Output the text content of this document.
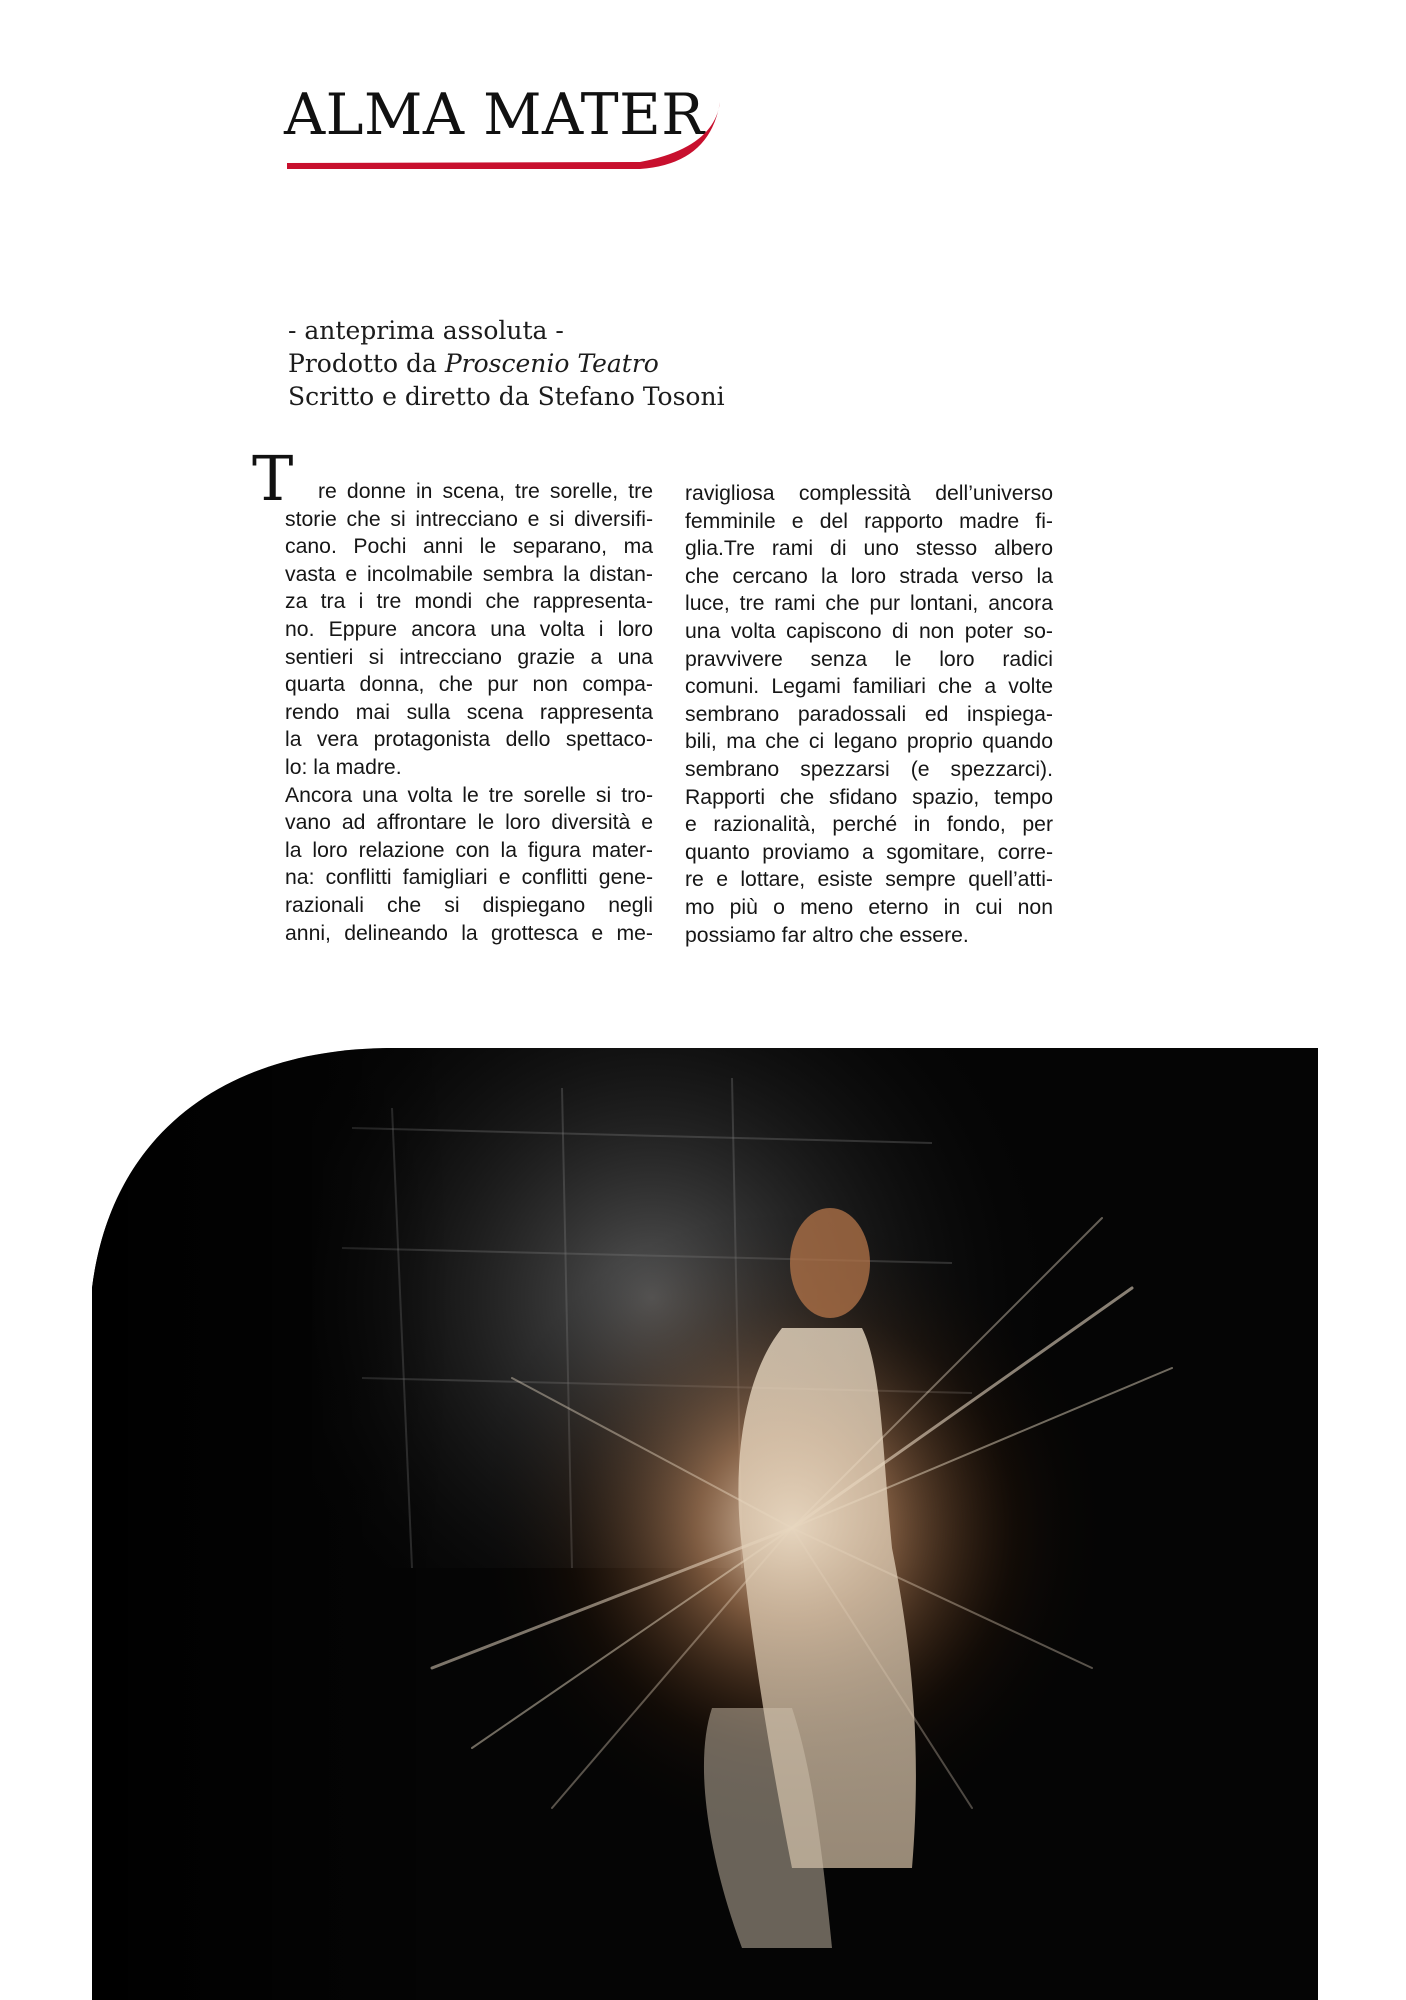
ALMA MATER
- anteprima assoluta -
Prodotto da Proscenio Teatro
Scritto e diretto da Stefano Tosoni
T re donne in scena, tre sorelle, tre
storie che si intrecciano e si diversifi-
cano. Pochi anni le separano, ma
vasta e incolmabile sembra la distan-
za tra i tre mondi che rappresenta-
no. Eppure ancora una volta i loro
sentieri si intrecciano grazie a una
quarta donna, che pur non compa-
rendo mai sulla scena rappresenta
la vera protagonista dello spettaco-
lo: la madre.
Ancora una volta le tre sorelle si tro-
vano ad affrontare le loro diversità e
la loro relazione con la figura mater-
na: conflitti famigliari e conflitti gene-
razionali che si dispiegano negli
anni, delineando la grottesca e me-
ravigliosa complessità dell’universo
femminile e del rapporto madre fi-
glia.Tre rami di uno stesso albero
che cercano la loro strada verso la
luce, tre rami che pur lontani, ancora
una volta capiscono di non poter so-
pravvivere senza le loro radici
comuni. Legami familiari che a volte
sembrano paradossali ed inspiega-
bili, ma che ci legano proprio quando
sembrano spezzarsi (e spezzarci).
Rapporti che sfidano spazio, tempo
e razionalità, perché in fondo, per
quanto proviamo a sgomitare, corre-
re e lottare, esiste sempre quell’atti-
mo più o meno eterno in cui non
possiamo far altro che essere.
